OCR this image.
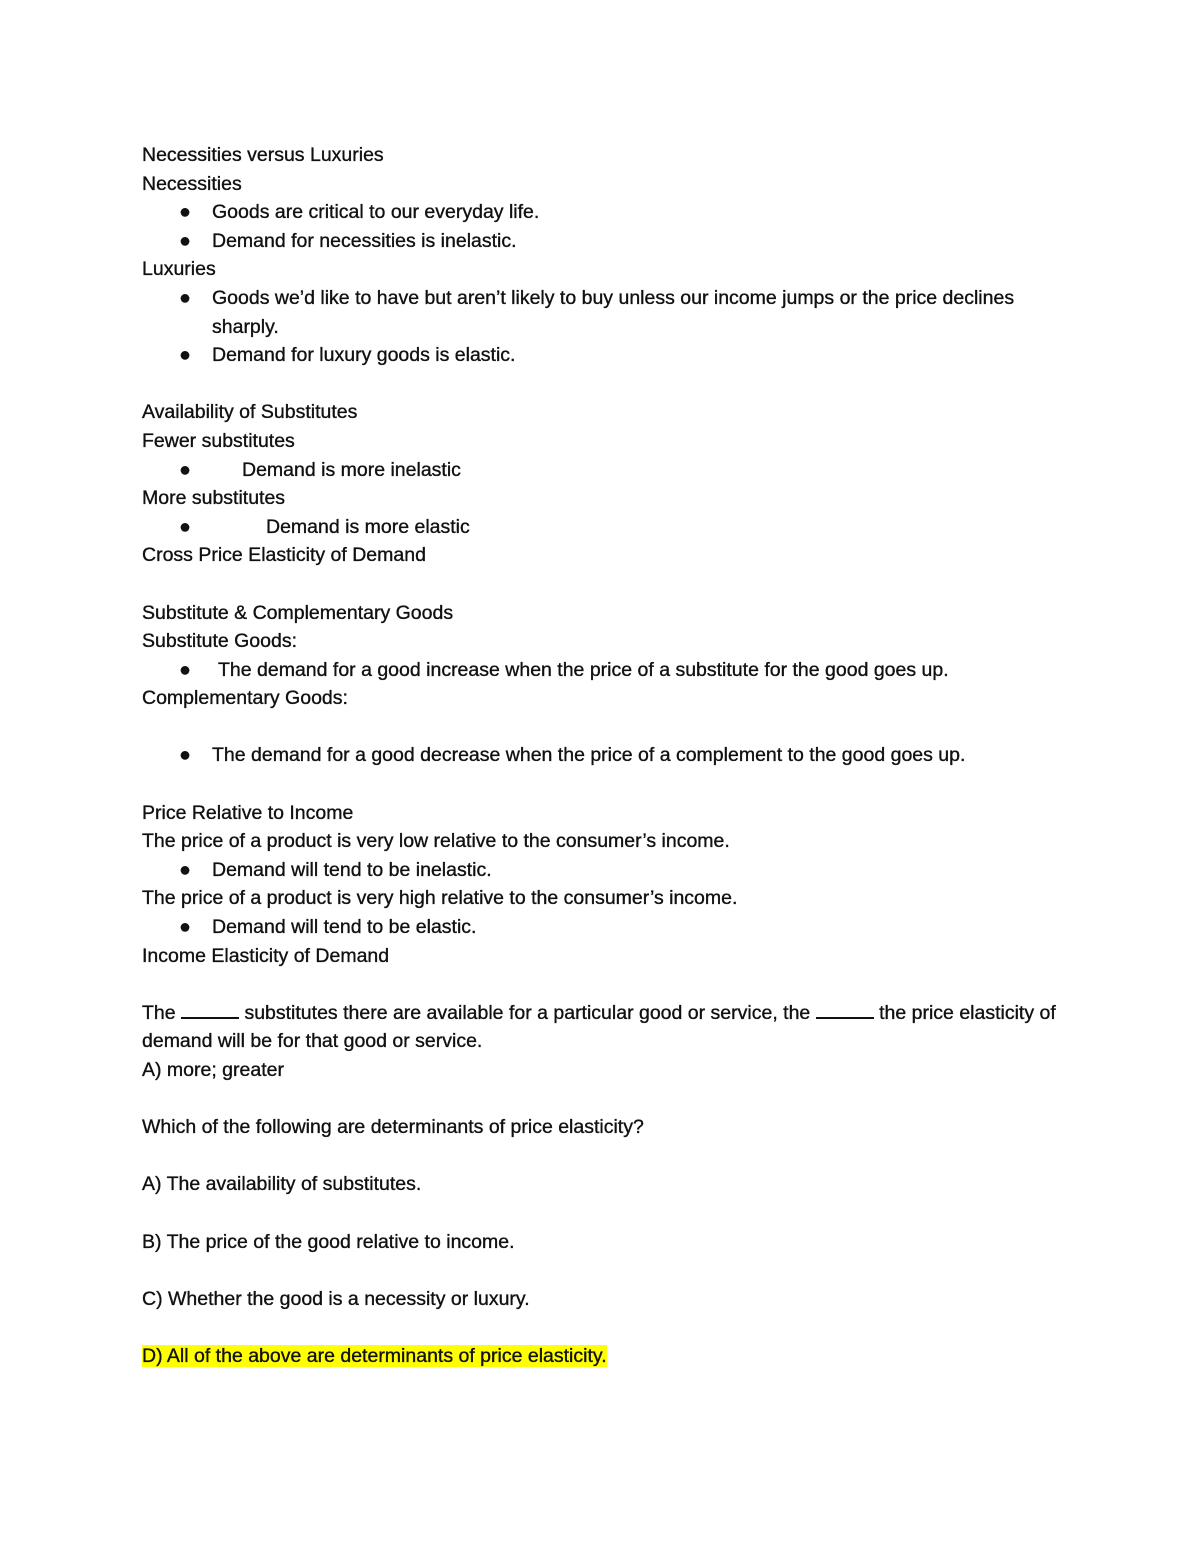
Necessities versus Luxuries
Necessities
● Goods are critical to our everyday life.
● Demand for necessities is inelastic.
Luxuries
● Goods we’d like to have but aren’t likely to buy unless our income jumps or the price declines sharply.
● Demand for luxury goods is elastic.
Availability of Substitutes
Fewer substitutes
●	Demand is more inelastic
More substitutes
●	Demand is more elastic
Cross Price Elasticity of Demand
Substitute & Complementary Goods
Substitute Goods:
● The demand for a good increase when the price of a substitute for the good goes up.
Complementary Goods:
● The demand for a good decrease when the price of a complement to the good goes up.
Price Relative to Income
The price of a product is very low relative to the consumer’s income.
● Demand will tend to be inelastic.
The price of a product is very high relative to the consumer’s income.
● Demand will tend to be elastic.
Income Elasticity of Demand
The	substitutes there are available for a particular good or service, the	the price elasticity of demand will be for that good or service.
A) more; greater
Which of the following are determinants of price elasticity?
A) The availability of substitutes.
B) The price of the good relative to income.
C) Whether the good is a necessity or luxury.
D) All of the above are determinants of price elasticity.
